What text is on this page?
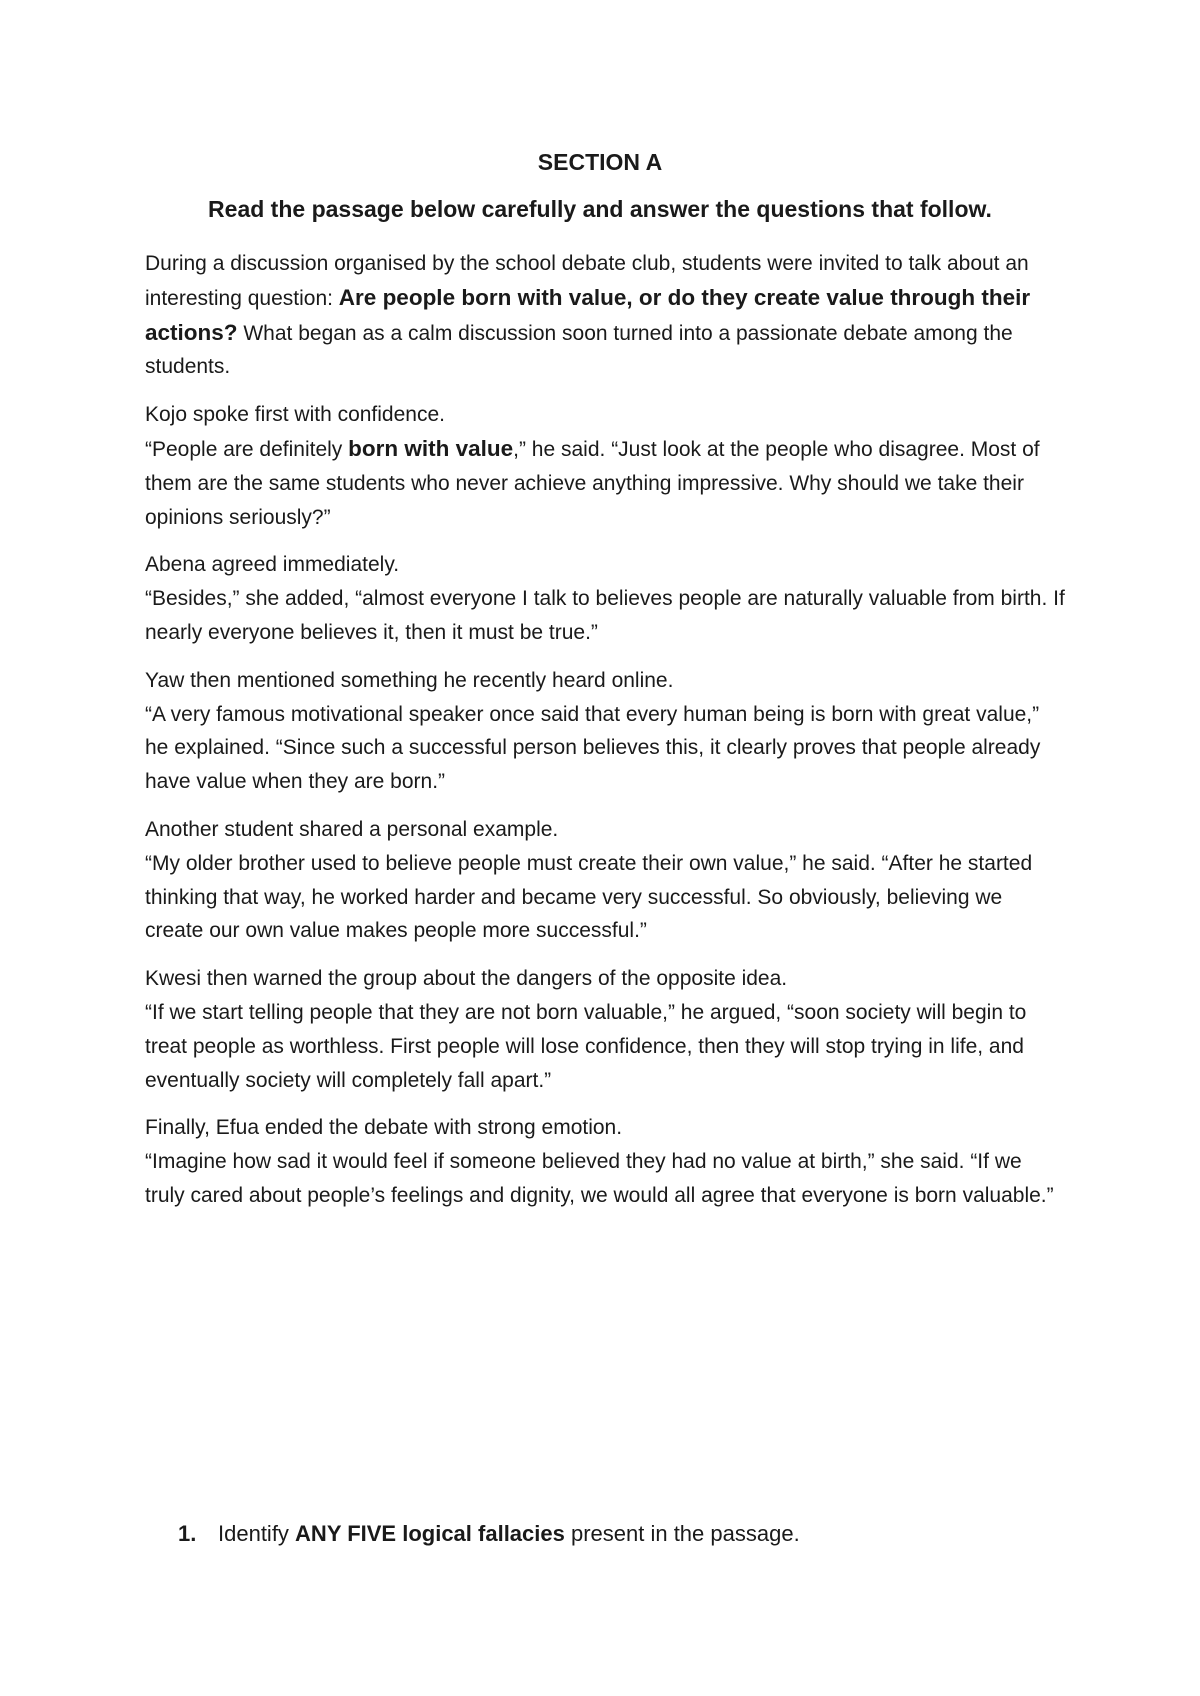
SECTION A
Read the passage below carefully and answer the questions that follow.

During a discussion organised by the school debate club, students were invited to talk about an interesting question: Are people born with value, or do they create value through their actions? What began as a calm discussion soon turned into a passionate debate among the students.

Kojo spoke first with confidence.
“People are definitely born with value,” he said. “Just look at the people who disagree. Most of them are the same students who never achieve anything impressive. Why should we take their opinions seriously?”

Abena agreed immediately.
“Besides,” she added, “almost everyone I talk to believes people are naturally valuable from birth. If nearly everyone believes it, then it must be true.”

Yaw then mentioned something he recently heard online.
“A very famous motivational speaker once said that every human being is born with great value,” he explained. “Since such a successful person believes this, it clearly proves that people already have value when they are born.”

Another student shared a personal example.
“My older brother used to believe people must create their own value,” he said. “After he started thinking that way, he worked harder and became very successful. So obviously, believing we create our own value makes people more successful.”

Kwesi then warned the group about the dangers of the opposite idea.
“If we start telling people that they are not born valuable,” he argued, “soon society will begin to treat people as worthless. First people will lose confidence, then they will stop trying in life, and eventually society will completely fall apart.”

Finally, Efua ended the debate with strong emotion.
“Imagine how sad it would feel if someone believed they had no value at birth,” she said. “If we truly cared about people’s feelings and dignity, we would all agree that everyone is born valuable.”

1. Identify ANY FIVE logical fallacies present in the passage.
